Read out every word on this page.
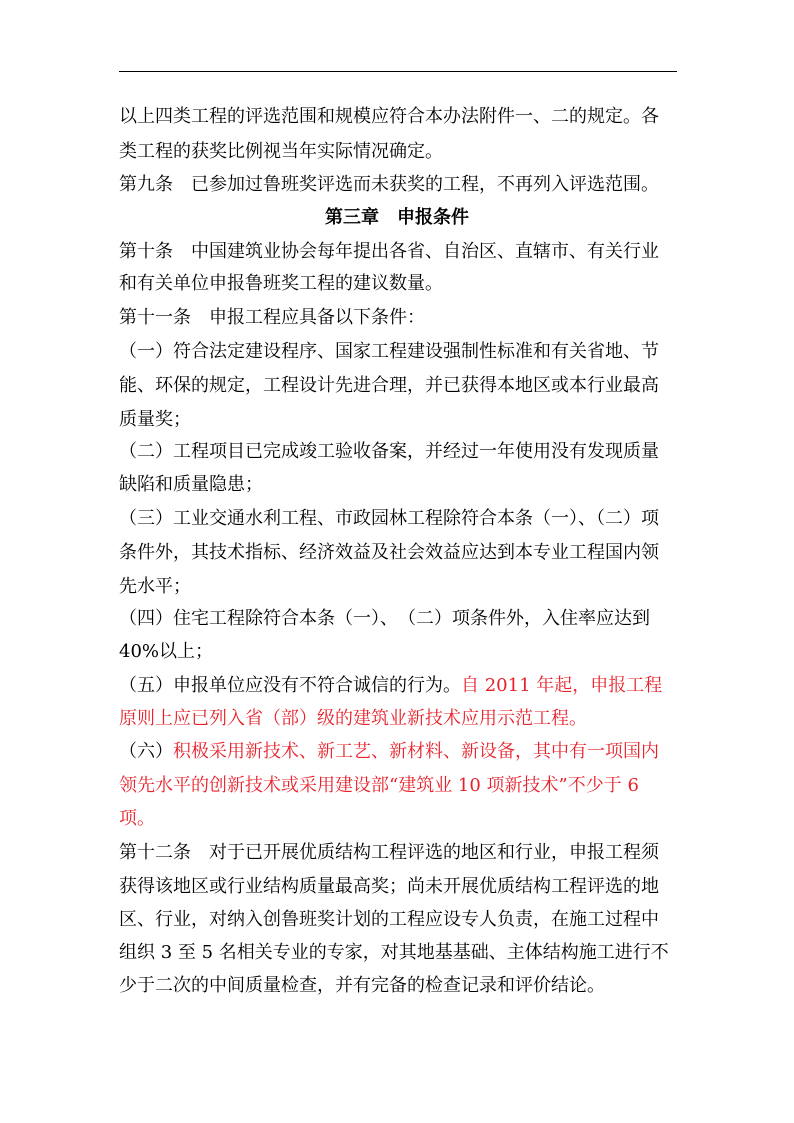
以上四类工程的评选范围和规模应符合本办法附件一、二的规定。各
类工程的获奖比例视当年实际情况确定。
第九条　已参加过鲁班奖评选而未获奖的工程，不再列入评选范围。
第三章　申报条件
第十条　中国建筑业协会每年提出各省、自治区、直辖市、有关行业
和有关单位申报鲁班奖工程的建议数量。
第十一条　申报工程应具备以下条件：
（一）符合法定建设程序、国家工程建设强制性标准和有关省地、节
能、环保的规定，工程设计先进合理，并已获得本地区或本行业最高
质量奖；
（二）工程项目已完成竣工验收备案，并经过一年使用没有发现质量
缺陷和质量隐患；
（三）工业交通水利工程、市政园林工程除符合本条（一）、（二）项
条件外，其技术指标、经济效益及社会效益应达到本专业工程国内领
先水平；
（四）住宅工程除符合本条（一）、　（二）项条件外，入住率应达到
40%以上；
（五）申报单位应没有不符合诚信的行为。自 2011 年起，申报工程
原则上应已列入省（部）级的建筑业新技术应用示范工程。
（六）积极采用新技术、新工艺、新材料、新设备，其中有一项国内
领先水平的创新技术或采用建设部“建筑业 10 项新技术”不少于 6
项。
第十二条　对于已开展优质结构工程评选的地区和行业，申报工程须
获得该地区或行业结构质量最高奖；尚未开展优质结构工程评选的地
区、行业，对纳入创鲁班奖计划的工程应设专人负责，在施工过程中
组织 3 至 5 名相关专业的专家，对其地基基础、主体结构施工进行不
少于二次的中间质量检查，并有完备的检查记录和评价结论。
